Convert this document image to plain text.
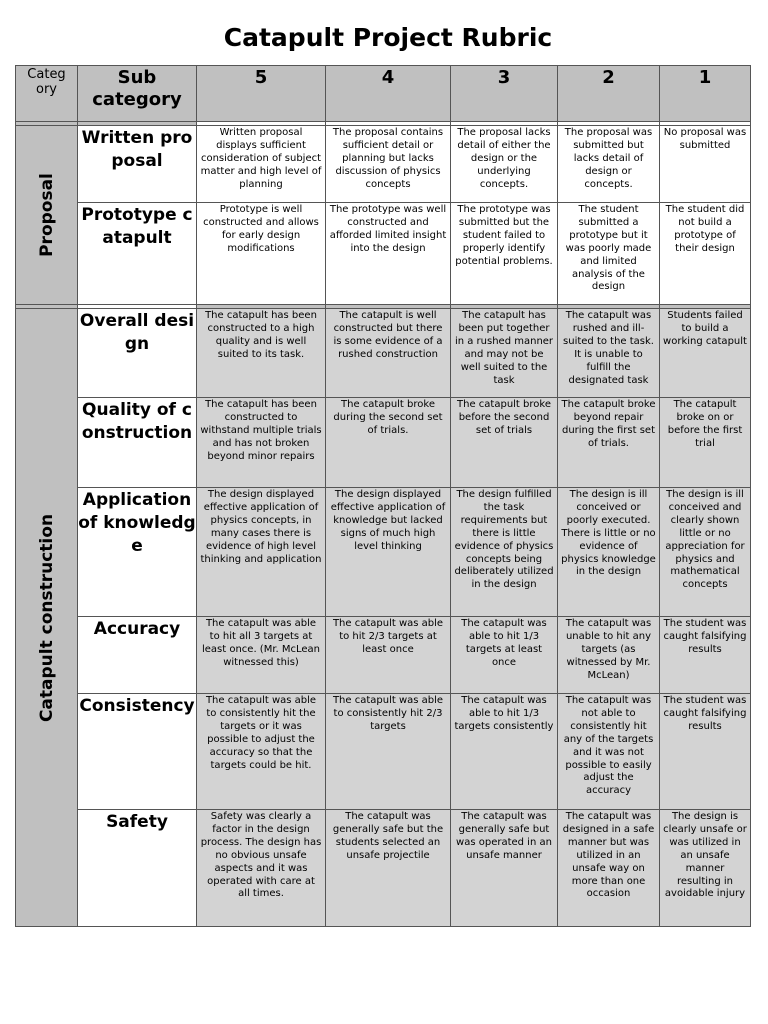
Catapult Project Rubric
Categ ory	Sub category	5	4	3	2	1

Proposal	Written proposal	Written proposal displays sufficient consideration of subject matter and high level of planning	The proposal contains sufficient detail or planning but lacks discussion of physics concepts	The proposal lacks detail of either the design or the underlying concepts.	The proposal was submitted but lacks detail of design or concepts.	No proposal was submitted
	Prototype catapult	Prototype is well constructed and allows for early design modifications	The prototype was well constructed and afforded limited insight into the design	The prototype was submitted but the student failed to properly identify potential problems.	The student submitted a prototype but it was poorly made and limited analysis of the design	The student did not build a prototype of their design

Catapult construction	Overall design	The catapult has been constructed to a high quality and is well suited to its task.	The catapult is well constructed but there is some evidence of a rushed construction	The catapult has been put together in a rushed manner and may not be well suited to the task	The catapult was rushed and ill-suited to the task. It is unable to fulfill the designated task	Students failed to build a working catapult
	Quality of construction	The catapult has been constructed to withstand multiple trials and has not broken beyond minor repairs	The catapult broke during the second set of trials.	The catapult broke before the second set of trials	The catapult broke beyond repair during the first set of trials.	The catapult broke on or before the first trial
	Application of knowledge	The design displayed effective application of physics concepts, in many cases there is evidence of high level thinking and application	The design displayed effective application of knowledge but lacked signs of much high level thinking	The design fulfilled the task requirements but there is little evidence of physics concepts being deliberately utilized in the design	The design is ill conceived or poorly executed. There is little or no evidence of physics knowledge in the design	The design is ill conceived and clearly shown little or no appreciation for physics and mathematical concepts
	Accuracy	The catapult was able to hit all 3 targets at least once. (Mr. McLean witnessed this)	The catapult was able to hit 2/3 targets at least once	The catapult was able to hit 1/3 targets at least once	The catapult was unable to hit any targets (as witnessed by Mr. McLean)	The student was caught falsifying results
	Consistency	The catapult was able to consistently hit the targets or it was possible to adjust the accuracy so that the targets could be hit.	The catapult was able to consistently hit 2/3 targets	The catapult was able to hit 1/3 targets consistently	The catapult was not able to consistently hit any of the targets and it was not possible to easily adjust the accuracy	The student was caught falsifying results
	Safety	Safety was clearly a factor in the design process. The design has no obvious unsafe aspects and it was operated with care at all times.	The catapult was generally safe but the students selected an unsafe projectile	The catapult was generally safe but was operated in an unsafe manner	The catapult was designed in a safe manner but was utilized in an unsafe way on more than one occasion	The design is clearly unsafe or was utilized in an unsafe manner resulting in avoidable injury
